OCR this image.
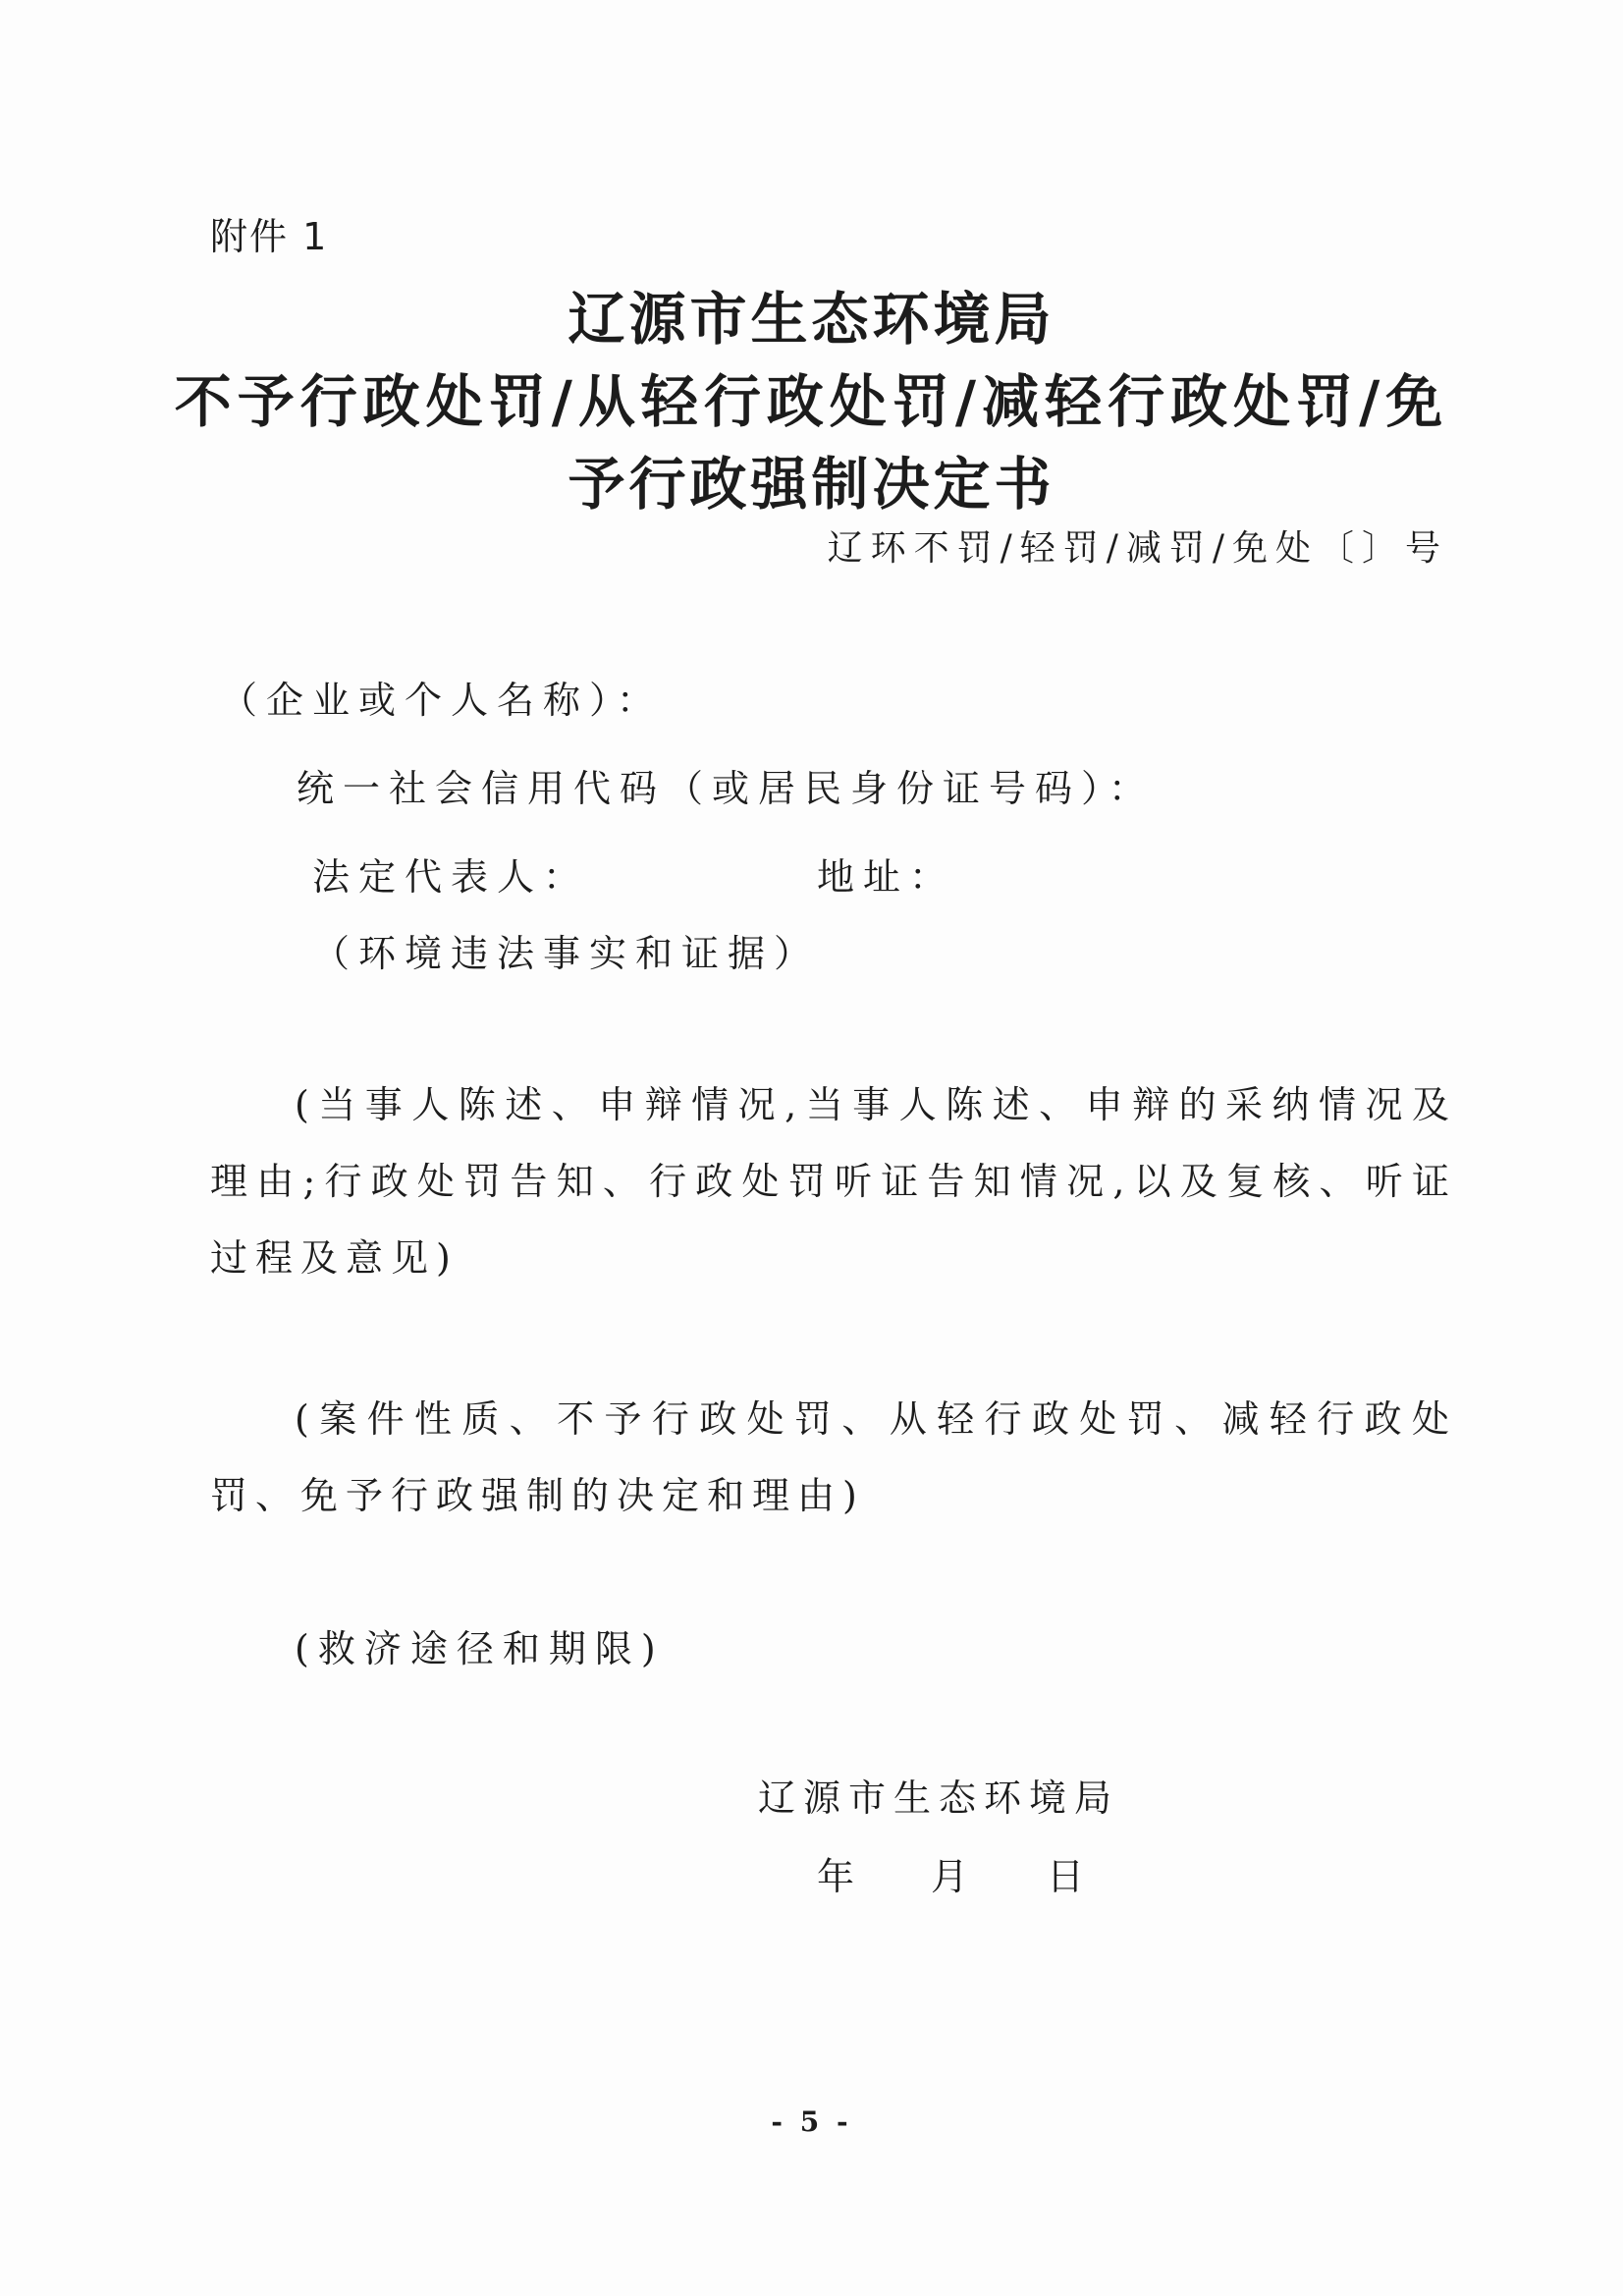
附件 1
辽源市生态环境局
不予行政处罚/从轻行政处罚/减轻行政处罚/免
予行政强制决定书
辽环不罚/轻罚/减罚/免处〔〕号
（企业或个人名称）：
统一社会信用代码（或居民身份证号码）：
法定代表人：	地址：
（环境违法事实和证据）
(当事人陈述、申辩情况,当事人陈述、申辩的采纳情况及理由;行政处罚告知、行政处罚听证告知情况,以及复核、听证过程及意见)
(案件性质、不予行政处罚、从轻行政处罚、减轻行政处罚、免予行政强制的决定和理由)
(救济途径和期限)
辽源市生态环境局
年 月 日
- 5 -
